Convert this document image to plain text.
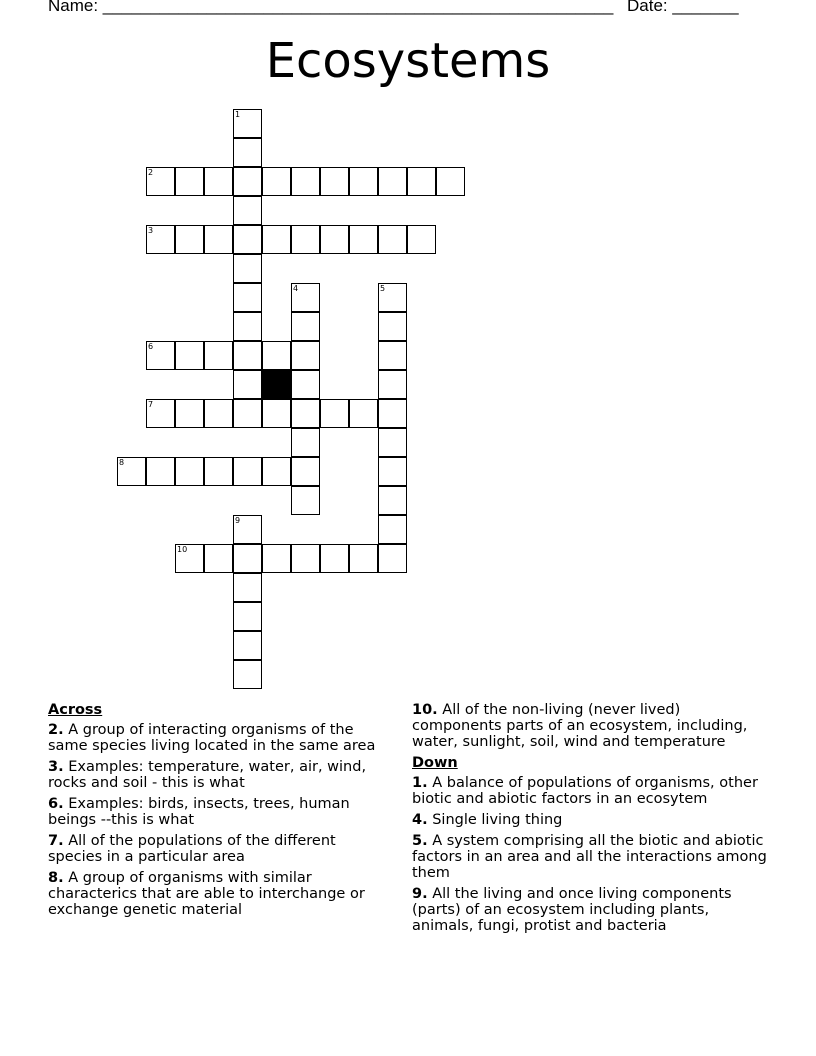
Name: ______________________________________________________ Date: _______
Ecosystems
2
3
6
7
8
10
1
4	5
9
Across
2. A group of interacting organisms of the same species living located in the same area
3. Examples: temperature, water, air, wind, rocks and soil - this is what
6. Examples: birds, insects, trees, human beings --this is what
7. All of the populations of the different species in a particular area
8. A group of organisms with similar characterics that are able to interchange or exchange genetic material
10. All of the non-living (never lived) components parts of an ecosystem, including, water, sunlight, soil, wind and temperature
Down
1. A balance of populations of organisms, other biotic and abiotic factors in an ecosytem
4. Single living thing
5. A system comprising all the biotic and abiotic factors in an area and all the interactions among them
9. All the living and once living components (parts) of an ecosystem including plants, animals, fungi, protist and bacteria
